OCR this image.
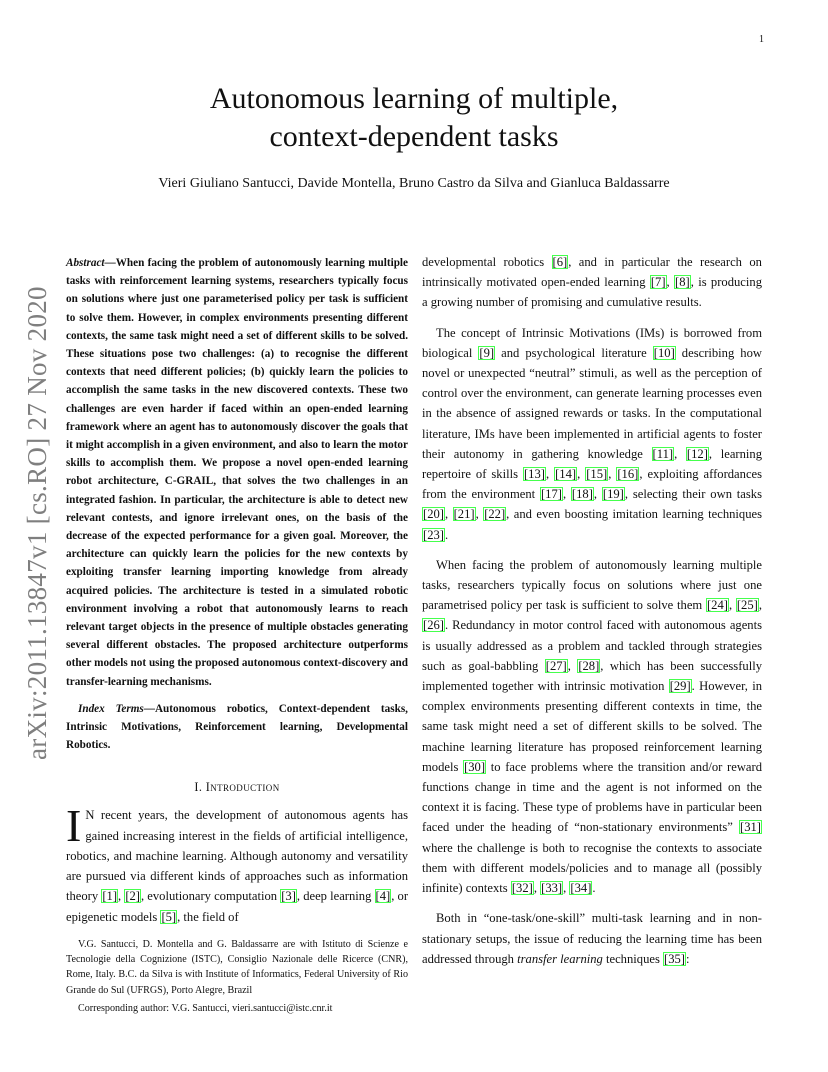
1
arXiv:2011.13847v1 [cs.RO] 27 Nov 2020
Autonomous learning of multiple,
context-dependent tasks
Vieri Giuliano Santucci, Davide Montella, Bruno Castro da Silva and Gianluca Baldassarre

Abstract—When facing the problem of autonomously learning multiple tasks with reinforcement learning systems, researchers typically focus on solutions where just one parameterised policy per task is sufficient to solve them. However, in complex environments presenting different contexts, the same task might need a set of different skills to be solved. These situations pose two challenges: (a) to recognise the different contexts that need different policies; (b) quickly learn the policies to accomplish the same tasks in the new discovered contexts. These two challenges are even harder if faced within an open-ended learning framework where an agent has to autonomously discover the goals that it might accomplish in a given environment, and also to learn the motor skills to accomplish them. We propose a novel open-ended learning robot architecture, C-GRAIL, that solves the two challenges in an integrated fashion. In particular, the architecture is able to detect new relevant contests, and ignore irrelevant ones, on the basis of the decrease of the expected performance for a given goal. Moreover, the architecture can quickly learn the policies for the new contexts by exploiting transfer learning importing knowledge from already acquired policies. The architecture is tested in a simulated robotic environment involving a robot that autonomously learns to reach relevant target objects in the presence of multiple obstacles generating several different obstacles. The proposed architecture outperforms other models not using the proposed autonomous context-discovery and transfer-learning mechanisms.

Index Terms—Autonomous robotics, Context-dependent tasks, Intrinsic Motivations, Reinforcement learning, Developmental Robotics.

I. Introduction

I N recent years, the development of autonomous agents has gained increasing interest in the fields of artificial intelligence, robotics, and machine learning. Although autonomy and versatility are pursued via different kinds of approaches such as information theory [1], [2], evolutionary computation [3], deep learning [4], or epigenetic models [5], the field of

V.G. Santucci, D. Montella and G. Baldassarre are with Istituto di Scienze e Tecnologie della Cognizione (ISTC), Consiglio Nazionale delle Ricerce (CNR), Rome, Italy. B.C. da Silva is with Institute of Informatics, Federal University of Rio Grande do Sul (UFRGS), Porto Alegre, Brazil

Corresponding author: V.G. Santucci, vieri.santucci@istc.cnr.it

developmental robotics [6], and in particular the research on intrinsically motivated open-ended learning [7], [8], is producing a growing number of promising and cumulative results.

The concept of Intrinsic Motivations (IMs) is borrowed from biological [9] and psychological literature [10] describing how novel or unexpected “neutral” stimuli, as well as the perception of control over the environment, can generate learning processes even in the absence of assigned rewards or tasks. In the computational literature, IMs have been implemented in artificial agents to foster their autonomy in gathering knowledge [11], [12], learning repertoire of skills [13], [14], [15], [16], exploiting affordances from the environment [17], [18], [19], selecting their own tasks [20], [21], [22], and even boosting imitation learning techniques [23].

When facing the problem of autonomously learning multiple tasks, researchers typically focus on solutions where just one parametrised policy per task is sufficient to solve them [24], [25], [26]. Redundancy in motor control faced with autonomous agents is usually addressed as a problem and tackled through strategies such as goal-babbling [27], [28], which has been successfully implemented together with intrinsic motivation [29]. However, in complex environments presenting different contexts in time, the same task might need a set of different skills to be solved. The machine learning literature has proposed reinforcement learning models [30] to face problems where the transition and/or reward functions change in time and the agent is not informed on the context it is facing. These type of problems have in particular been faced under the heading of “non-stationary environments” [31] where the challenge is both to recognise the contexts to associate them with different models/policies and to manage all (possibly infinite) contexts [32], [33], [34].

Both in “one-task/one-skill” multi-task learning and in non-stationary setups, the issue of reducing the learning time has been addressed through transfer learning techniques [35]:
